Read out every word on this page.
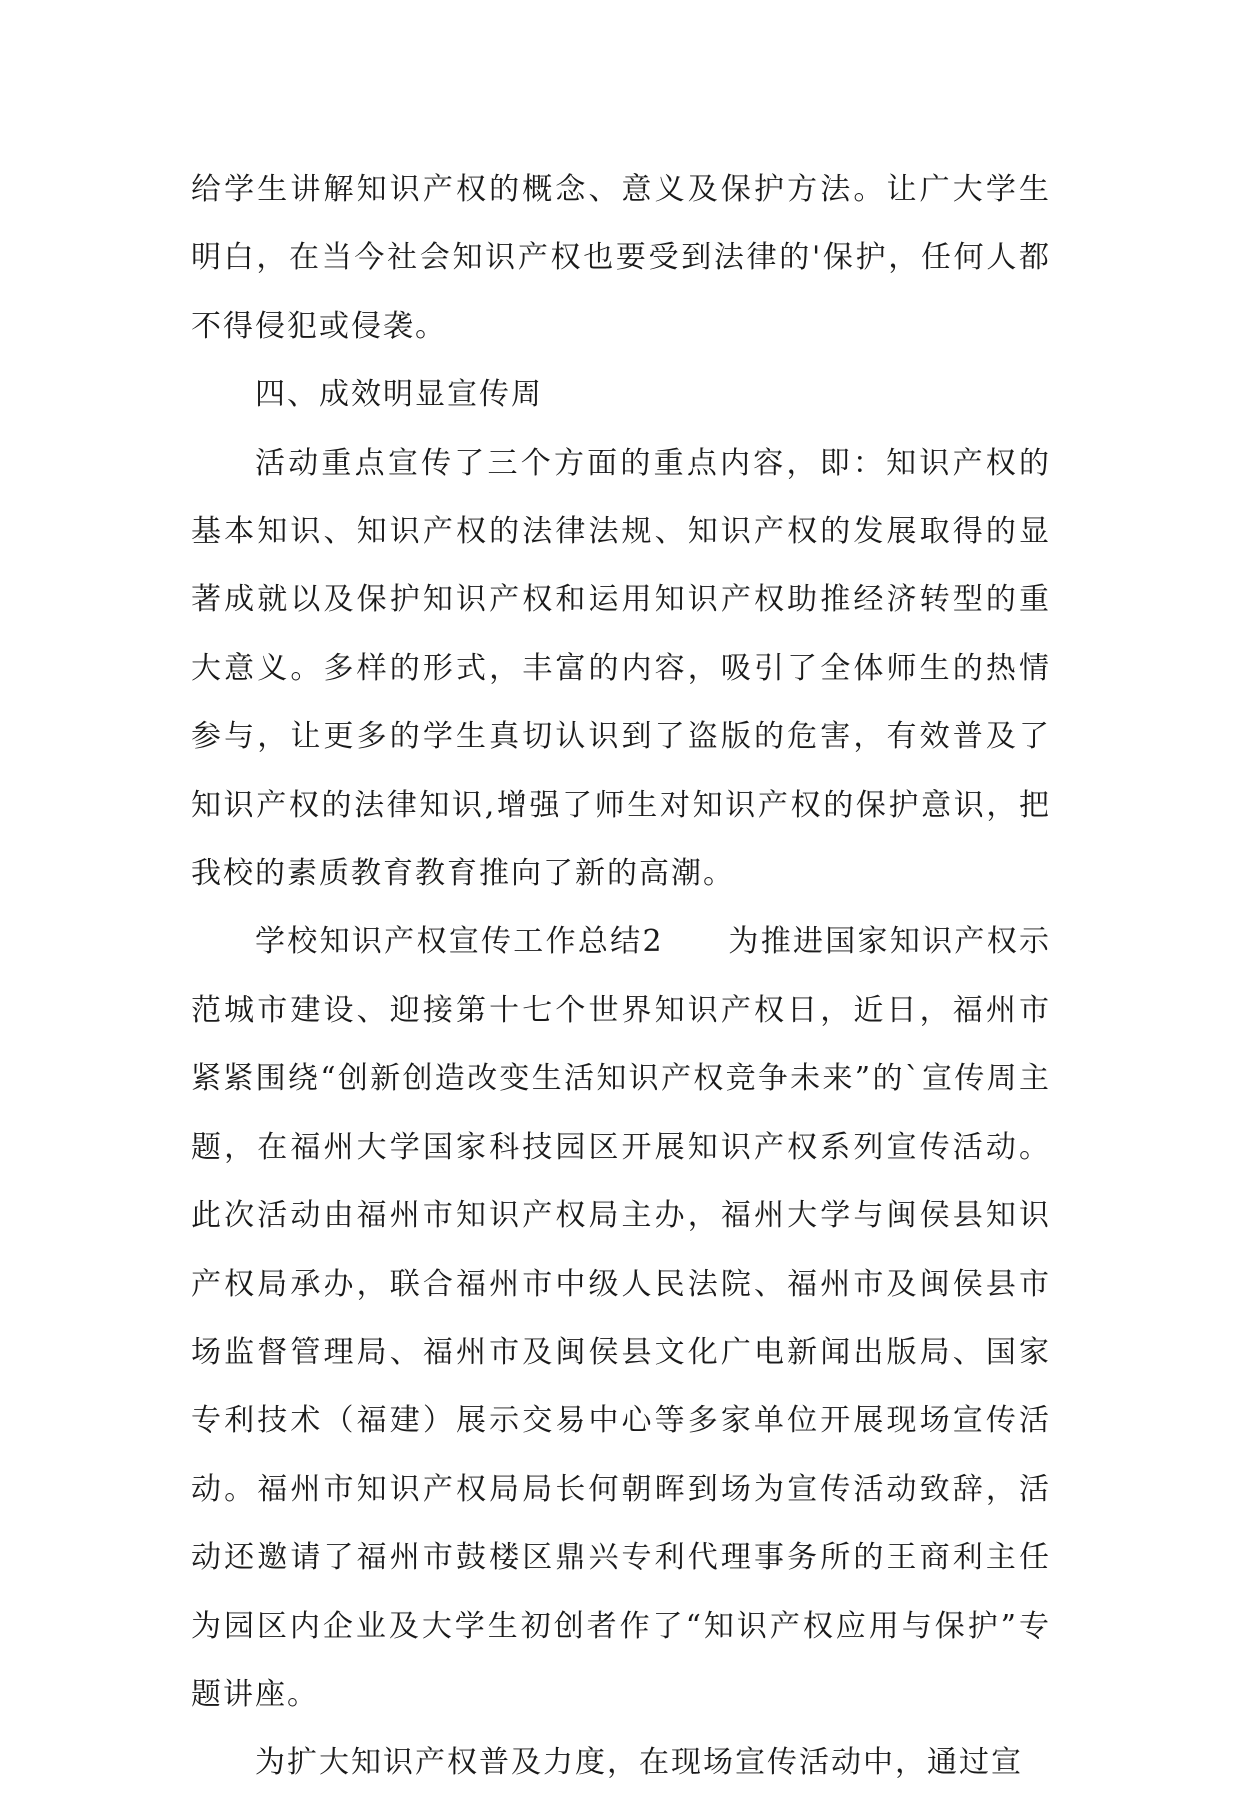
给学生讲解知识产权的概念、意义及保护方法。让广大学生明白，在当今社会知识产权也要受到法律的'保护，任何人都不得侵犯或侵袭。

四、成效明显宣传周

活动重点宣传了三个方面的重点内容，即：知识产权的基本知识、知识产权的法律法规、知识产权的发展取得的显著成就以及保护知识产权和运用知识产权助推经济转型的重大意义。多样的形式，丰富的内容，吸引了全体师生的热情参与，让更多的学生真切认识到了盗版的危害，有效普及了知识产权的法律知识,增强了师生对知识产权的保护意识，把我校的素质教育教育推向了新的高潮。

学校知识产权宣传工作总结2　　为推进国家知识产权示范城市建设、迎接第十七个世界知识产权日，近日，福州市紧紧围绕“创新创造改变生活知识产权竞争未来”的`宣传周主题，在福州大学国家科技园区开展知识产权系列宣传活动。此次活动由福州市知识产权局主办，福州大学与闽侯县知识产权局承办，联合福州市中级人民法院、福州市及闽侯县市场监督管理局、福州市及闽侯县文化广电新闻出版局、国家专利技术（福建）展示交易中心等多家单位开展现场宣传活动。福州市知识产权局局长何朝晖到场为宣传活动致辞，活动还邀请了福州市鼓楼区鼎兴专利代理事务所的王商利主任为园区内企业及大学生初创者作了“知识产权应用与保护”专题讲座。

为扩大知识产权普及力度，在现场宣传活动中，通过宣
